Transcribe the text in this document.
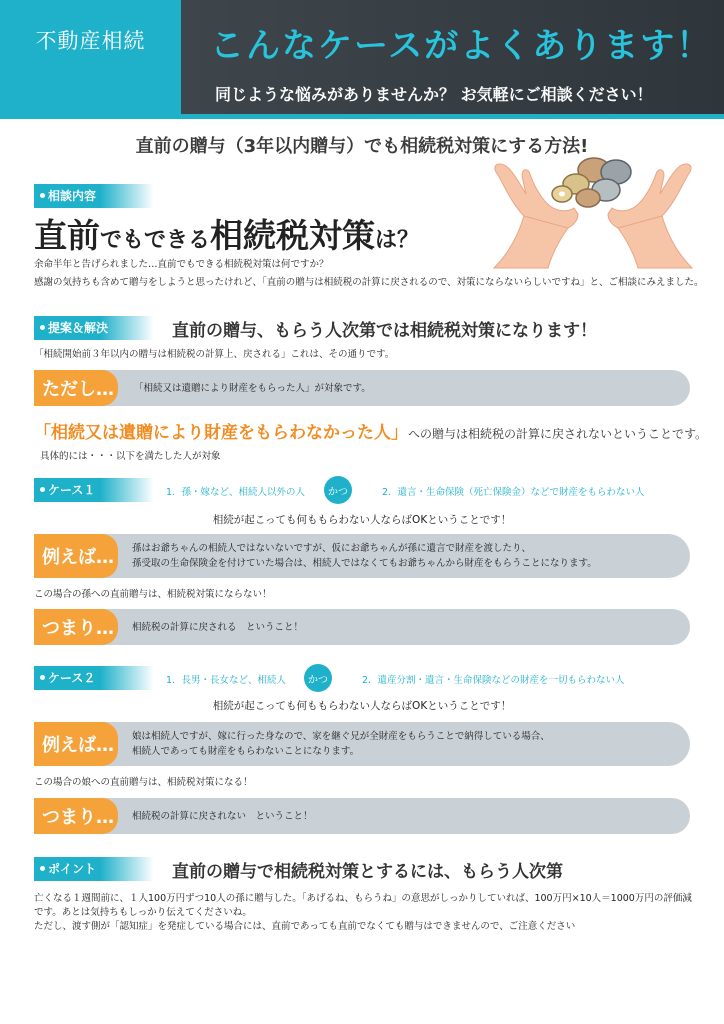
不動産相続	こんなケースがよくあります！
同じような悩みがありませんか？ お気軽にご相談ください！
直前の贈与（3年以内贈与）でも相続税対策にする方法!
相談内容
直前でもできる相続税対策は？
余命半年と告げられました…直前でもできる相続税対策は何ですか？
感謝の気持ちも含めて贈与をしようと思ったけれど、「直前の贈与は相続税の計算に戻されるので、対策にならないらしいですね」と、ご相談にみえました。
提案＆解決	直前の贈与、もらう人次第では相続税対策になります！
「相続開始前３年以内の贈与は相続税の計算上、戻される」これは、その通りです。
ただし…	「相続又は遺贈により財産をもらった人」が対象です。
「相続又は遺贈により財産をもらわなかった人」への贈与は相続税の計算に戻されないということです。
具体的には・・・以下を満たした人が対象
ケース１	1．孫・嫁など、相続人以外の人	かつ	2．遺言・生命保険（死亡保険金）などで財産をもらわない人
相続が起こっても何ももらわない人ならばOKということです！
例えば…	孫はお爺ちゃんの相続人ではないないですが、仮にお爺ちゃんが孫に遺言で財産を渡したり、
孫受取の生命保険金を付けていた場合は、相続人ではなくてもお爺ちゃんから財産をもらうことになります。
この場合の孫への直前贈与は、相続税対策にならない！
つまり…	相続税の計算に戻される　ということ！
ケース２	1．長男・長女など、相続人	かつ	2．遺産分割・遺言・生命保険などの財産を一切もらわない人
相続が起こっても何ももらわない人ならばOKということです！
例えば…	娘は相続人ですが、嫁に行った身なので、家を継ぐ兄が全財産をもらうことで納得している場合、
相続人であっても財産をもらわないことになります。
この場合の娘への直前贈与は、相続税対策になる！
つまり…	相続税の計算に戻されない　ということ！
ポイント	直前の贈与で相続税対策とするには、もらう人次第
亡くなる１週間前に、１人100万円ずつ10人の孫に贈与した。「あげるね、もらうね」の意思がしっかりしていれば、100万円×10人＝1000万円の評価減
です。あとは気持ちもしっかり伝えてくださいね。
ただし、渡す側が「認知症」を発症している場合には、直前であっても直前でなくても贈与はできませんので、ご注意ください
